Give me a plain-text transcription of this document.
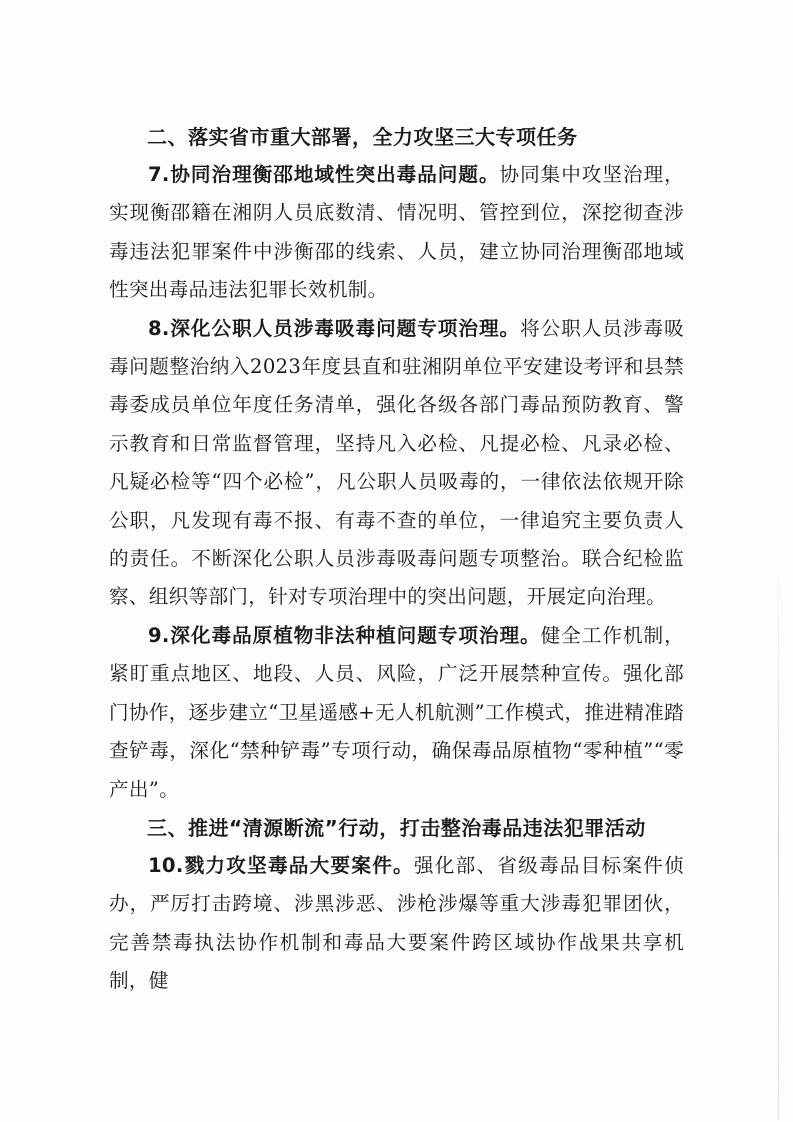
二、落实省市重大部署，全力攻坚三大专项任务

7.协同治理衡邵地域性突出毒品问题。协同集中攻坚治理，实现衡邵籍在湘阴人员底数清、情况明、管控到位，深挖彻查涉毒违法犯罪案件中涉衡邵的线索、人员，建立协同治理衡邵地域性突出毒品违法犯罪长效机制。

8.深化公职人员涉毒吸毒问题专项治理。将公职人员涉毒吸毒问题整治纳入2023年度县直和驻湘阴单位平安建设考评和县禁毒委成员单位年度任务清单，强化各级各部门毒品预防教育、警示教育和日常监督管理，坚持凡入必检、凡提必检、凡录必检、凡疑必检等“四个必检”，凡公职人员吸毒的，一律依法依规开除公职，凡发现有毒不报、有毒不查的单位，一律追究主要负责人的责任。不断深化公职人员涉毒吸毒问题专项整治。联合纪检监察、组织等部门，针对专项治理中的突出问题，开展定向治理。

9.深化毒品原植物非法种植问题专项治理。健全工作机制，紧盯重点地区、地段、人员、风险，广泛开展禁种宣传。强化部门协作，逐步建立“卫星遥感+无人机航测”工作模式，推进精准踏查铲毒，深化“禁种铲毒”专项行动，确保毒品原植物“零种植”“零产出”。

三、推进“清源断流”行动，打击整治毒品违法犯罪活动

10.戮力攻坚毒品大要案件。强化部、省级毒品目标案件侦办，严厉打击跨境、涉黑涉恶、涉枪涉爆等重大涉毒犯罪团伙，完善禁毒执法协作机制和毒品大要案件跨区域协作战果共享机制，健
